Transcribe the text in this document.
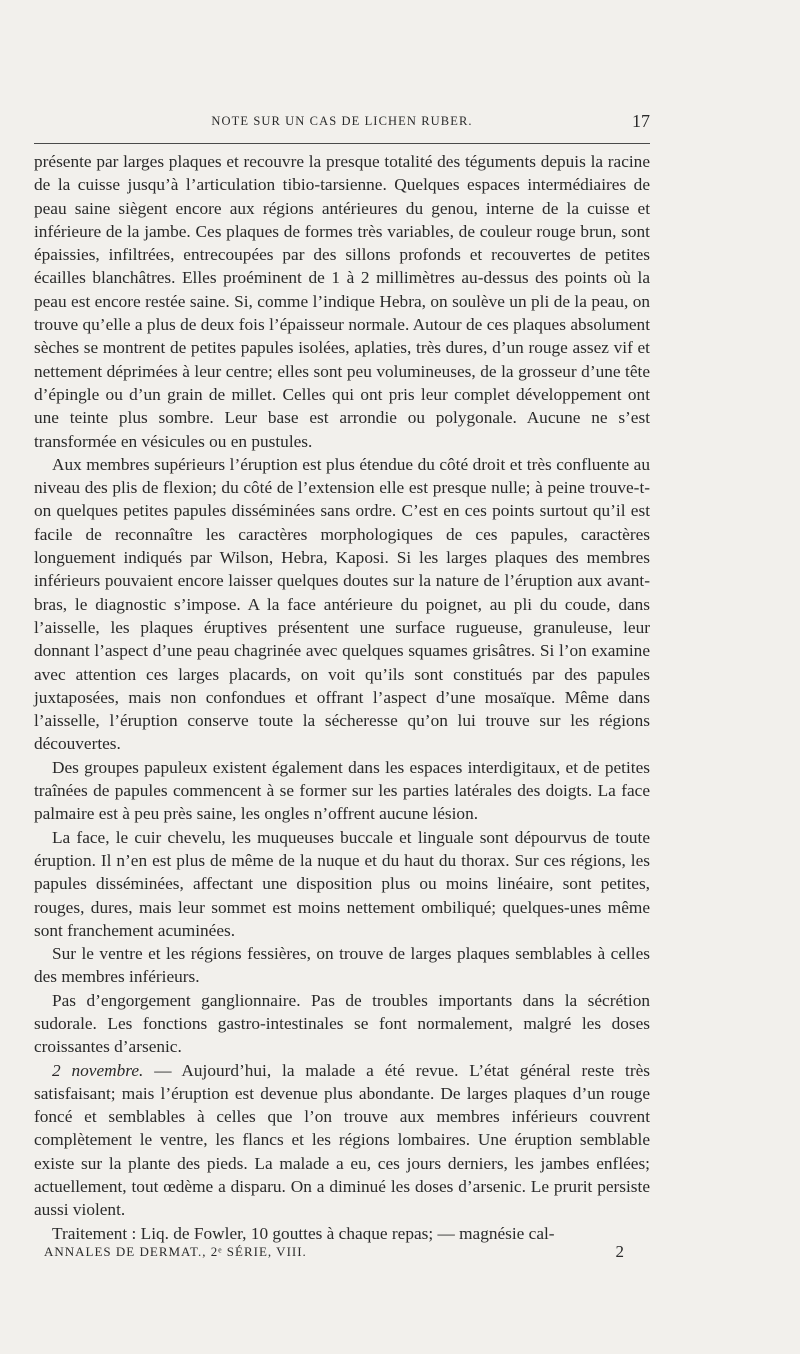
NOTE SUR UN CAS DE LICHEN RUBER.	17

présente par larges plaques et recouvre la presque totalité des téguments depuis la racine de la cuisse jusqu’à l’articulation tibio-tarsienne. Quelques espaces intermédiaires de peau saine siègent encore aux régions antérieures du genou, interne de la cuisse et inférieure de la jambe. Ces plaques de formes très variables, de couleur rouge brun, sont épaissies, infiltrées, entrecoupées par des sillons profonds et recouvertes de petites écailles blanchâtres. Elles proéminent de 1 à 2 millimètres au-dessus des points où la peau est encore restée saine. Si, comme l’indique Hebra, on soulève un pli de la peau, on trouve qu’elle a plus de deux fois l’épaisseur normale. Autour de ces plaques absolument sèches se montrent de petites papules isolées, aplaties, très dures, d’un rouge assez vif et nettement déprimées à leur centre; elles sont peu volumineuses, de la grosseur d’une tête d’épingle ou d’un grain de millet. Celles qui ont pris leur complet développement ont une teinte plus sombre. Leur base est arrondie ou polygonale. Aucune ne s’est transformée en vésicules ou en pustules.

Aux membres supérieurs l’éruption est plus étendue du côté droit et très confluente au niveau des plis de flexion; du côté de l’extension elle est presque nulle; à peine trouve-t-on quelques petites papules disséminées sans ordre. C’est en ces points surtout qu’il est facile de reconnaître les caractères morphologiques de ces papules, caractères longuement indiqués par Wilson, Hebra, Kaposi. Si les larges plaques des membres inférieurs pouvaient encore laisser quelques doutes sur la nature de l’éruption aux avant-bras, le diagnostic s’impose. A la face antérieure du poignet, au pli du coude, dans l’aisselle, les plaques éruptives présentent une surface rugueuse, granuleuse, leur donnant l’aspect d’une peau chagrinée avec quelques squames grisâtres. Si l’on examine avec attention ces larges placards, on voit qu’ils sont constitués par des papules juxtaposées, mais non confondues et offrant l’aspect d’une mosaïque. Même dans l’aisselle, l’éruption conserve toute la sécheresse qu’on lui trouve sur les régions découvertes.

Des groupes papuleux existent également dans les espaces interdigitaux, et de petites traînées de papules commencent à se former sur les parties latérales des doigts. La face palmaire est à peu près saine, les ongles n’offrent aucune lésion.

La face, le cuir chevelu, les muqueuses buccale et linguale sont dépourvus de toute éruption. Il n’en est plus de même de la nuque et du haut du thorax. Sur ces régions, les papules disséminées, affectant une disposition plus ou moins linéaire, sont petites, rouges, dures, mais leur sommet est moins nettement ombiliqué; quelques-unes même sont franchement acuminées.

Sur le ventre et les régions fessières, on trouve de larges plaques semblables à celles des membres inférieurs.

Pas d’engorgement ganglionnaire. Pas de troubles importants dans la sécrétion sudorale. Les fonctions gastro-intestinales se font normalement, malgré les doses croissantes d’arsenic.

2 novembre. — Aujourd’hui, la malade a été revue. L’état général reste très satisfaisant; mais l’éruption est devenue plus abondante. De larges plaques d’un rouge foncé et semblables à celles que l’on trouve aux membres inférieurs couvrent complètement le ventre, les flancs et les régions lombaires. Une éruption semblable existe sur la plante des pieds. La malade a eu, ces jours derniers, les jambes enflées; actuellement, tout œdème a disparu. On a diminué les doses d’arsenic. Le prurit persiste aussi violent.

Traitement : Liq. de Fowler, 10 gouttes à chaque repas; — magnésie cal-

ANNALES DE DERMAT., 2ᵉ SÉRIE, VIII.	2
